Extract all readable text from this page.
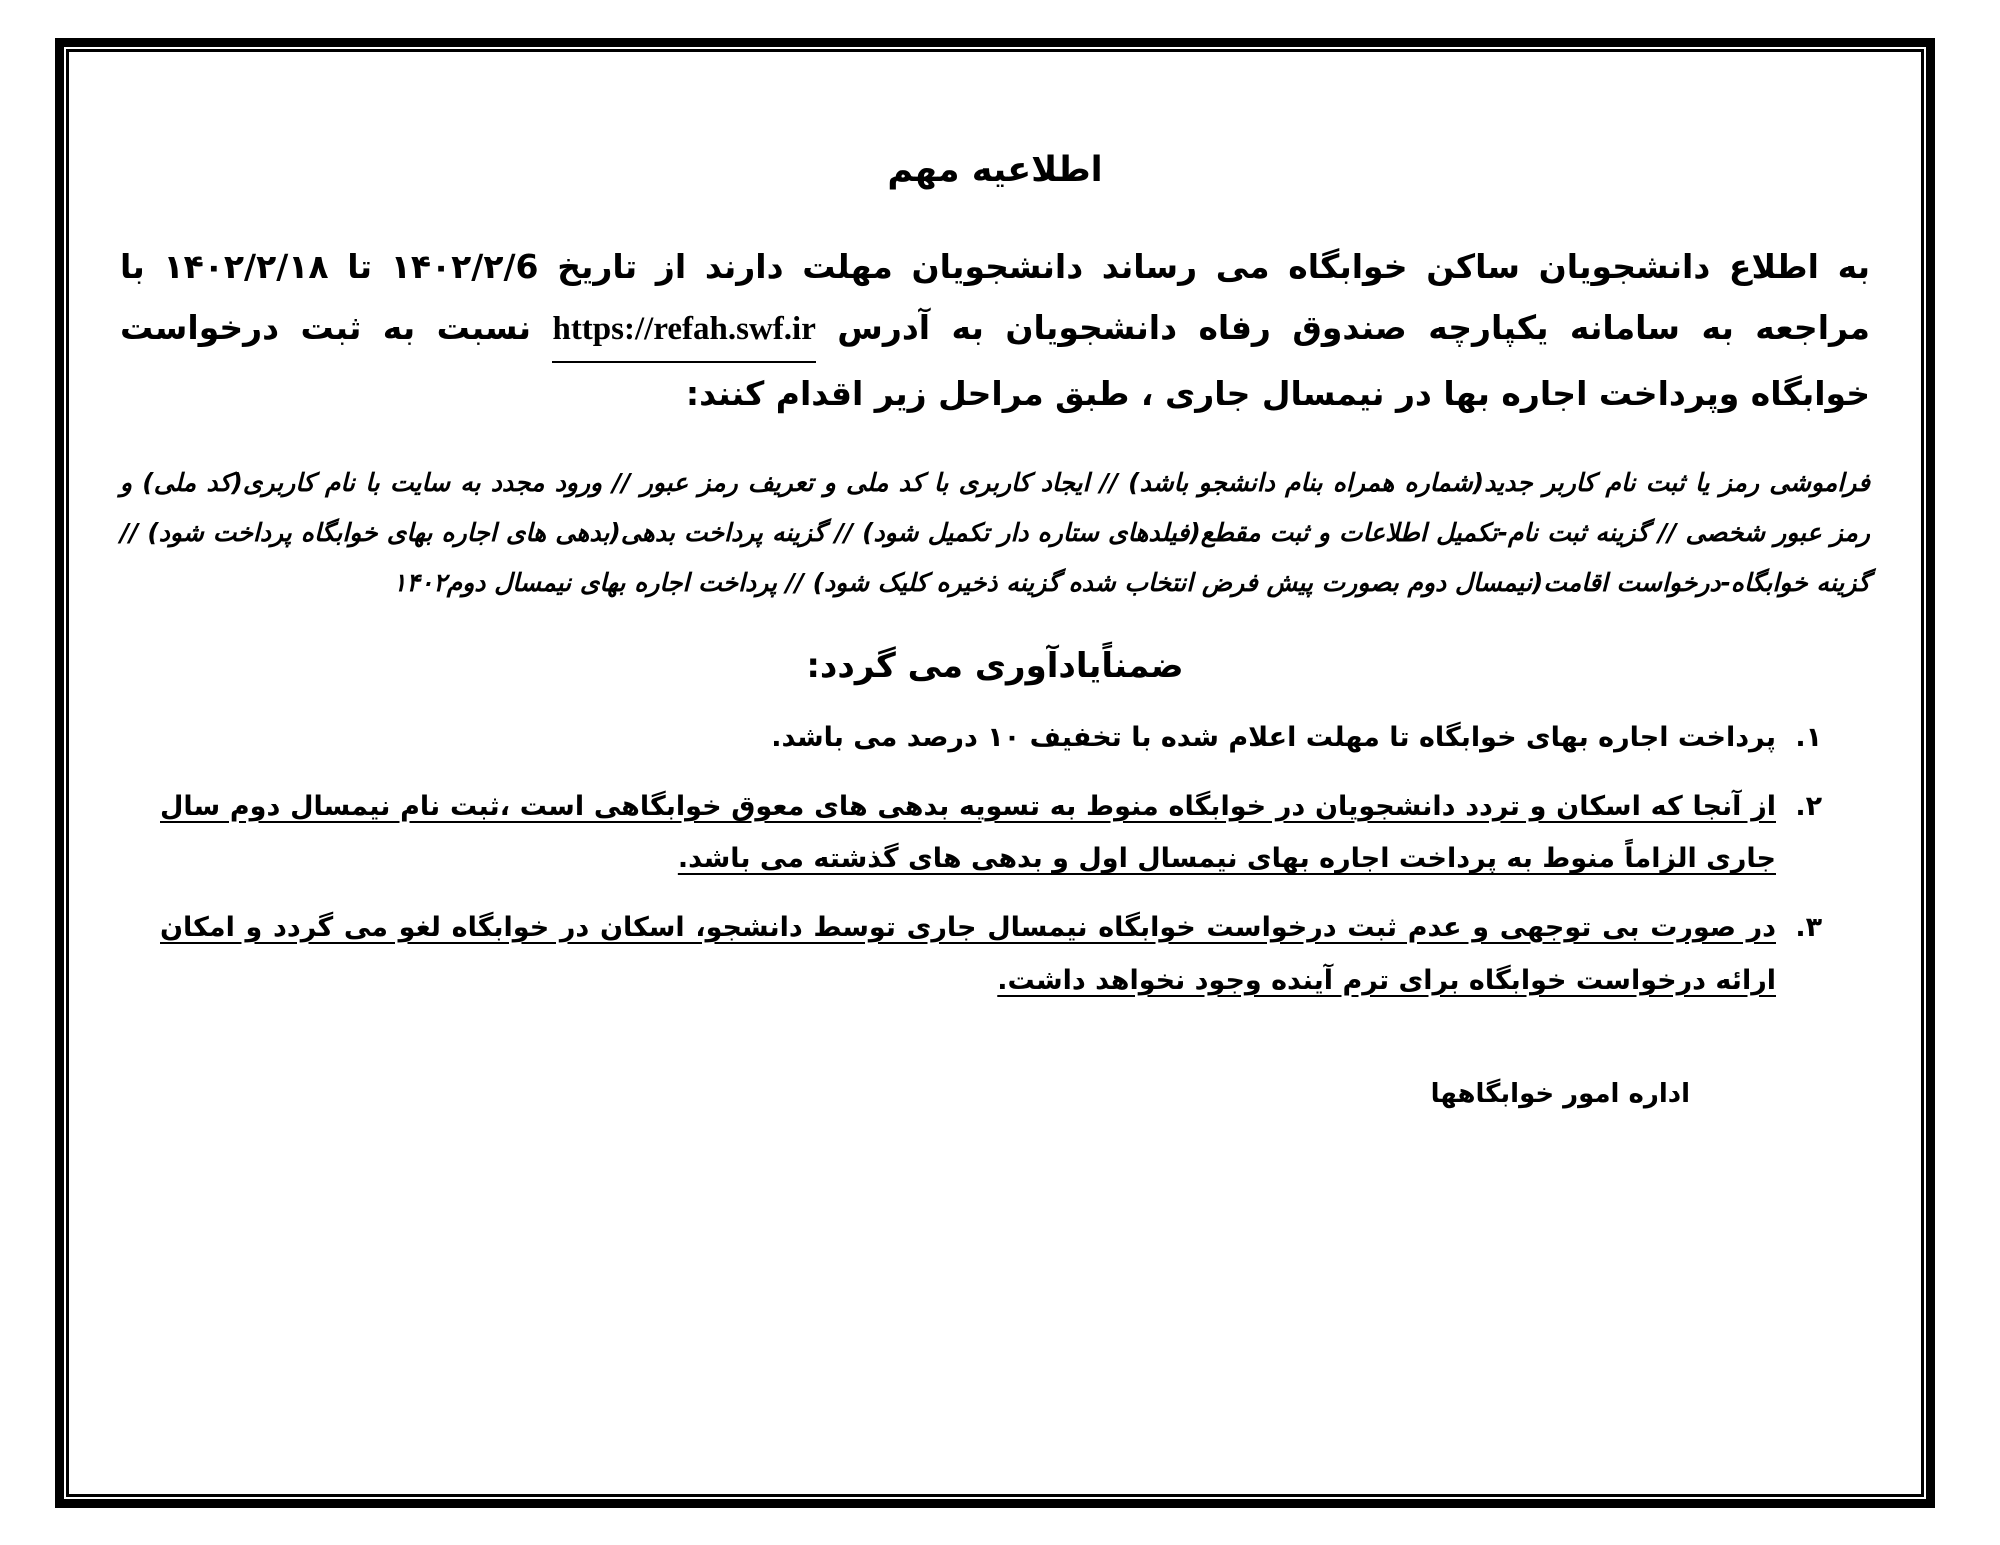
اطلاعیه مهم
به اطلاع دانشجویان ساکن خوابگاه می رساند دانشجویان مهلت دارند از تاریخ ۱۴۰۲/۲/6 تا ۱۴۰۲/۲/۱۸ با مراجعه به سامانه یکپارچه صندوق رفاه دانشجویان به آدرس https://refah.swf.ir نسبت به ثبت درخواست خوابگاه وپرداخت اجاره بها در نیمسال جاری ، طبق مراحل زیر اقدام کنند:
فراموشی رمز یا ثبت نام کاربر جدید(شماره همراه بنام دانشجو باشد) // ایجاد کاربری با کد ملی و تعریف رمز عبور // ورود مجدد به سایت با نام کاربری(کد ملی) و رمز عبور شخصی // گزینه ثبت نام-تکمیل اطلاعات و ثبت مقطع(فیلدهای ستاره دار تکمیل شود) // گزینه پرداخت بدهی(بدهی های اجاره بهای خوابگاه پرداخت شود) // گزینه خوابگاه-درخواست اقامت(نیمسال دوم بصورت پیش فرض انتخاب شده گزینه ذخیره کلیک شود) // پرداخت اجاره بهای نیمسال دوم۱۴۰۲
ضمناًیادآوری می گردد:
1. پرداخت اجاره بهای خوابگاه تا مهلت اعلام شده با تخفیف ۱۰ درصد می باشد.
2. از آنجا که اسکان و تردد دانشجویان در خوابگاه منوط به تسویه بدهی های معوق خوابگاهی است ،ثبت نام نیمسال دوم سال جاری الزاماً منوط به پرداخت اجاره بهای نیمسال اول و بدهی های گذشته می باشد.
3. در صورت بی توجهی و عدم ثبت درخواست خوابگاه نیمسال جاری توسط دانشجو، اسکان در خوابگاه لغو می گردد و امکان ارائه درخواست خوابگاه برای ترم آینده وجود نخواهد داشت.
اداره امور خوابگاهها
